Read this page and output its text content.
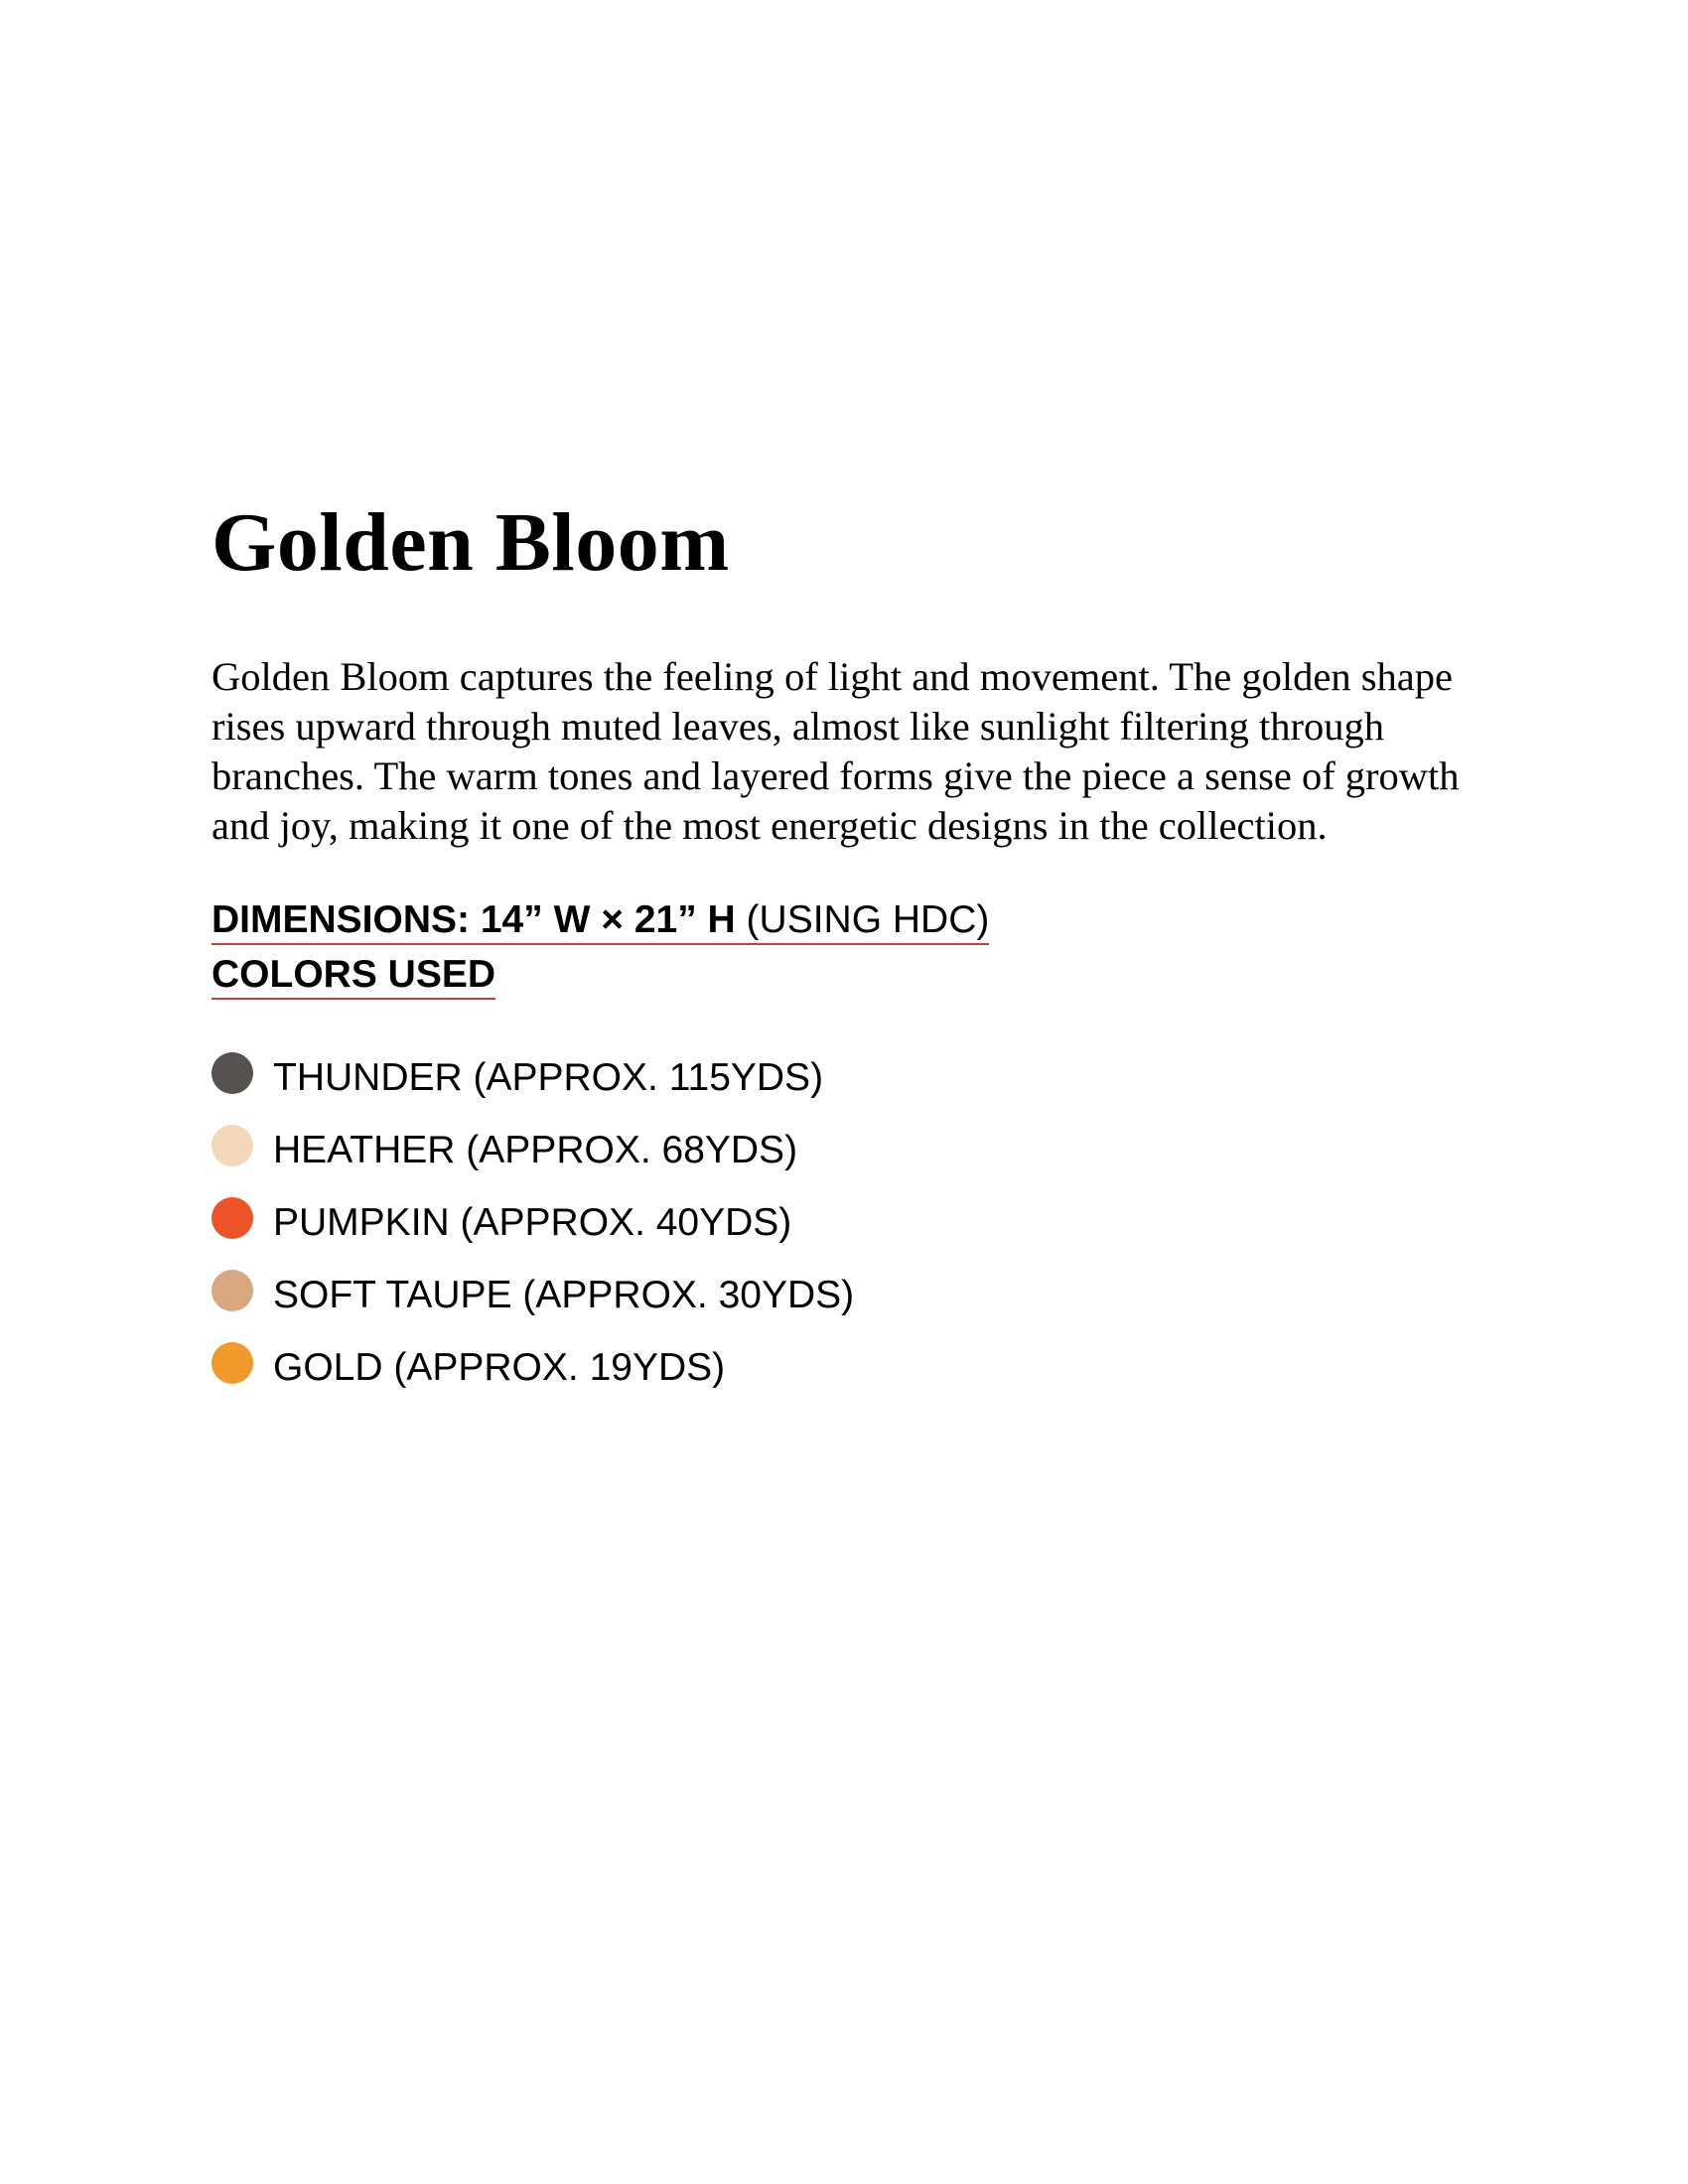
Golden Bloom

Golden Bloom captures the feeling of light and movement. The golden shape rises upward through muted leaves, almost like sunlight filtering through branches. The warm tones and layered forms give the piece a sense of growth and joy, making it one of the most energetic designs in the collection.

DIMENSIONS: 14” W × 21” H (USING HDC)
COLORS USED
THUNDER (APPROX. 115YDS)
HEATHER (APPROX. 68YDS)
PUMPKIN (APPROX. 40YDS)
SOFT TAUPE (APPROX. 30YDS)
GOLD (APPROX. 19YDS)
